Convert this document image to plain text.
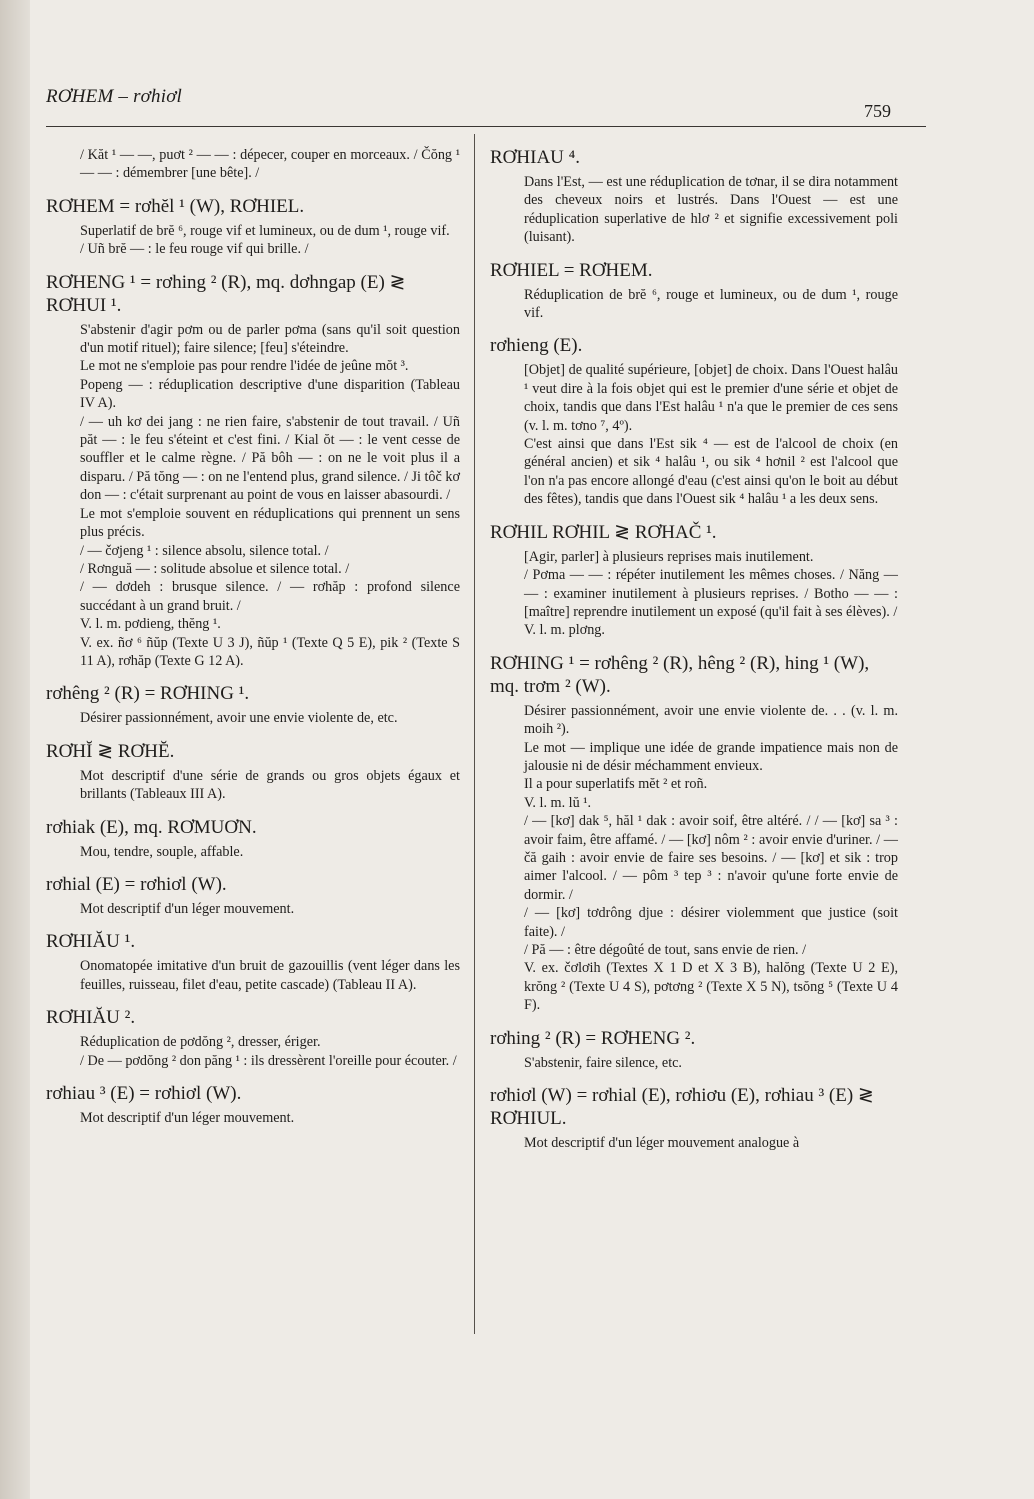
RƠHEM – rơhiơl
759

/ Kăt ¹ — —, puơt ² — — : dépecer, couper en morceaux. / Čŏng ¹ — — : démembrer [une bête]. /

RƠHEM = rơhĕl ¹ (W), RƠHIEL.

Superlatif de brĕ ⁶, rouge vif et lumineux, ou de dum ¹, rouge vif.

/ Uñ brĕ — : le feu rouge vif qui brille. /

RƠHENG ¹ = rơhing ² (R), mq. dơhngap (E) ≷ RƠHUI ¹.

S'abstenir d'agir pơm ou de parler pơma (sans qu'il soit question d'un motif rituel); faire silence; [feu] s'éteindre.

Le mot ne s'emploie pas pour rendre l'idée de jeûne mŏt ³.

Popeng — : réduplication descriptive d'une disparition (Tableau IV A).

/ — uh kơ dei jang : ne rien faire, s'abstenir de tout travail. / Uñ păt — : le feu s'éteint et c'est fini. / Kial ŏt — : le vent cesse de souffler et le calme règne. / Pă bôh — : on ne le voit plus il a disparu. / Pă tŏng — : on ne l'entend plus, grand silence. / Ji tôč kơ don — : c'était surprenant au point de vous en laisser abasourdi. /

Le mot s'emploie souvent en réduplications qui prennent un sens plus précis.

/ — čơjeng ¹ : silence absolu, silence total. /

/ Rơnguă — : solitude absolue et silence total. /

/ — dơdeh : brusque silence. / — rơhăp : profond silence succédant à un grand bruit. /

V. l. m. pơdieng, thĕng ¹.

V. ex. ñơ ⁶ ñŭp (Texte U 3 J), ñŭp ¹ (Texte Q 5 E), pik ² (Texte S 11 A), rơhăp (Texte G 12 A).

rơhêng ² (R) = RƠHING ¹.

Désirer passionnément, avoir une envie violente de, etc.

RƠHĬ ≷ RƠHĔ.

Mot descriptif d'une série de grands ou gros objets égaux et brillants (Tableaux III A).

rơhiak (E), mq. RƠMUƠN.

Mou, tendre, souple, affable.

rơhial (E) = rơhiơl (W).

Mot descriptif d'un léger mouvement.

RƠHIĂU ¹.

Onomatopée imitative d'un bruit de gazouillis (vent léger dans les feuilles, ruisseau, filet d'eau, petite cascade) (Tableau II A).

RƠHIĂU ².

Réduplication de pơdŏng ², dresser, ériger.

/ De — pơdŏng ² don păng ¹ : ils dressèrent l'oreille pour écouter. /

rơhiau ³ (E) = rơhiơl (W).

Mot descriptif d'un léger mouvement.

RƠHIAU ⁴.

Dans l'Est, — est une réduplication de tơnar, il se dira notamment des cheveux noirs et lustrés. Dans l'Ouest — est une réduplication superlative de hlơ ² et signifie excessivement poli (luisant).

RƠHIEL = RƠHEM.

Réduplication de brĕ ⁶, rouge et lumineux, ou de dum ¹, rouge vif.

rơhieng (E).

[Objet] de qualité supérieure, [objet] de choix. Dans l'Ouest halâu ¹ veut dire à la fois objet qui est le premier d'une série et objet de choix, tandis que dans l'Est halâu ¹ n'a que le premier de ces sens (v. l. m. tơno ⁷, 4º).

C'est ainsi que dans l'Est sik ⁴ — est de l'alcool de choix (en général ancien) et sik ⁴ halâu ¹, ou sik ⁴ hơnil ² est l'alcool que l'on n'a pas encore allongé d'eau (c'est ainsi qu'on le boit au début des fêtes), tandis que dans l'Ouest sik ⁴ halâu ¹ a les deux sens.

RƠHIL RƠHIL ≷ RƠHAČ ¹.

[Agir, parler] à plusieurs reprises mais inutilement.

/ Pơma — — : répéter inutilement les mêmes choses. / Năng — — : examiner inutilement à plusieurs reprises. / Botho — — : [maître] reprendre inutilement un exposé (qu'il fait à ses élèves). /

V. l. m. plơng.

RƠHING ¹ = rơhêng ² (R), hêng ² (R), hing ¹ (W), mq. trơm ² (W).

Désirer passionnément, avoir une envie violente de. . . (v. l. m. moih ²).

Le mot — implique une idée de grande impatience mais non de jalousie ni de désir méchamment envieux.

Il a pour superlatifs mĕt ² et roñ.

V. l. m. lŭ ¹.

/ — [kơ] dak ⁵, hăl ¹ dak : avoir soif, être altéré. / / — [kơ] sa ³ : avoir faim, être affamé. / — [kơ] nôm ² : avoir envie d'uriner. / — čă gaih : avoir envie de faire ses besoins. / — [kơ] et sik : trop aimer l'alcool. / — pôm ³ tep ³ : n'avoir qu'une forte envie de dormir. /

/ — [kơ] tơdrông djue : désirer violemment que justice (soit faite). /

/ Pă — : être dégoûté de tout, sans envie de rien. /

V. ex. čơlơih (Textes X 1 D et X 3 B), halŏng (Texte U 2 E), krŏng ² (Texte U 4 S), pơtơng ² (Texte X 5 N), tsŏng ⁵ (Texte U 4 F).

rơhing ² (R) = RƠHENG ².

S'abstenir, faire silence, etc.

rơhiơl (W) = rơhial (E), rơhiơu (E), rơhiau ³ (E) ≷ RƠHIUL.

Mot descriptif d'un léger mouvement analogue à
